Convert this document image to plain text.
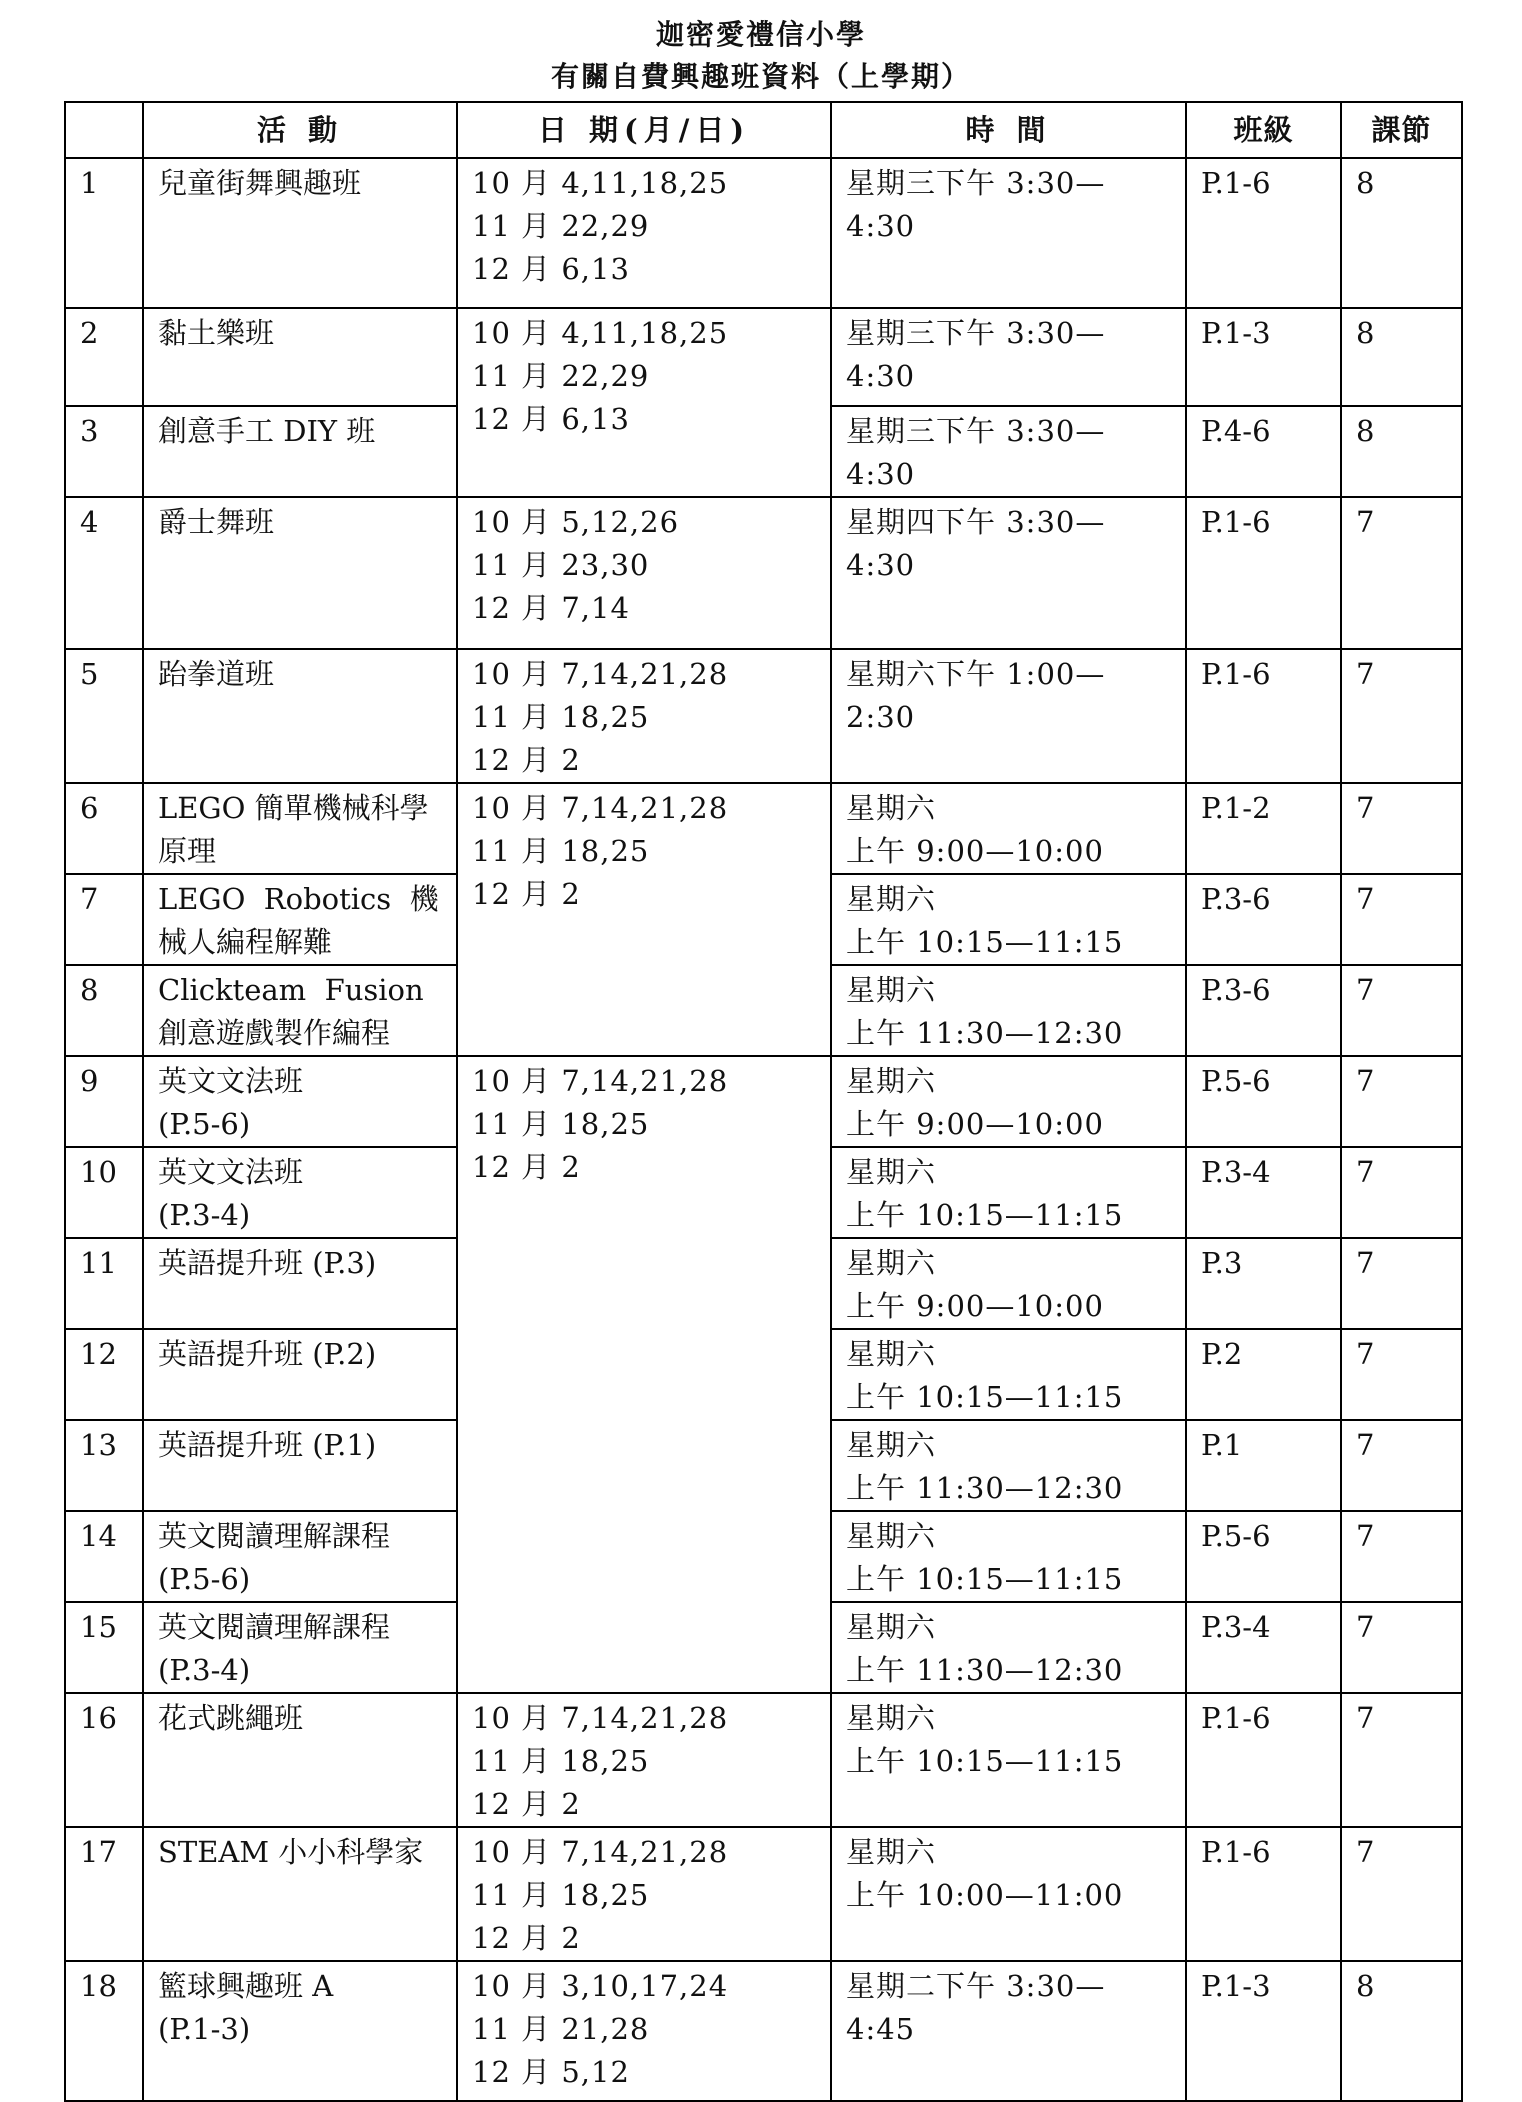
迦密愛禮信小學
有關自費興趣班資料（上學期）
	活 動	日 期(月/日)	時 間	班級	課節
1	兒童街舞興趣班	10 月 4,11,18,25
11 月 22,29
12 月 6,13	星期三下午 3:30—
4:30	P.1-6	8
2	黏土樂班	10 月 4,11,18,25
11 月 22,29
12 月 6,13	星期三下午 3:30—
4:30	P.1-3	8
3	創意手工 DIY 班		星期三下午 3:30—
4:30	P.4-6	8
4	爵士舞班	10 月 5,12,26
11 月 23,30
12 月 7,14	星期四下午 3:30—
4:30	P.1-6	7
5	跆拳道班	10 月 7,14,21,28
11 月 18,25
12 月 2	星期六下午 1:00—
2:30	P.1-6	7
6	LEGO 簡單機械科學
原理	10 月 7,14,21,28
11 月 18,25
12 月 2	星期六
上午 9:00—10:00	P.1-2	7
7	LEGO  Robotics  機
械人編程解難		星期六
上午 10:15—11:15	P.3-6	7
8	Clickteam  Fusion
創意遊戲製作編程		星期六
上午 11:30—12:30	P.3-6	7
9	英文文法班
(P.5-6)	10 月 7,14,21,28
11 月 18,25
12 月 2	星期六
上午 9:00—10:00	P.5-6	7
10	英文文法班
(P.3-4)		星期六
上午 10:15—11:15	P.3-4	7
11	英語提升班 (P.3)		星期六
上午 9:00—10:00	P.3	7
12	英語提升班 (P.2)		星期六
上午 10:15—11:15	P.2	7
13	英語提升班 (P.1)		星期六
上午 11:30—12:30	P.1	7
14	英文閱讀理解課程
(P.5-6)		星期六
上午 10:15—11:15	P.5-6	7
15	英文閱讀理解課程
(P.3-4)		星期六
上午 11:30—12:30	P.3-4	7
16	花式跳繩班	10 月 7,14,21,28
11 月 18,25
12 月 2	星期六
上午 10:15—11:15	P.1-6	7
17	STEAM 小小科學家	10 月 7,14,21,28
11 月 18,25
12 月 2	星期六
上午 10:00—11:00	P.1-6	7
18	籃球興趣班 A
(P.1-3)	10 月 3,10,17,24
11 月 21,28
12 月 5,12	星期二下午 3:30—
4:45	P.1-3	8
